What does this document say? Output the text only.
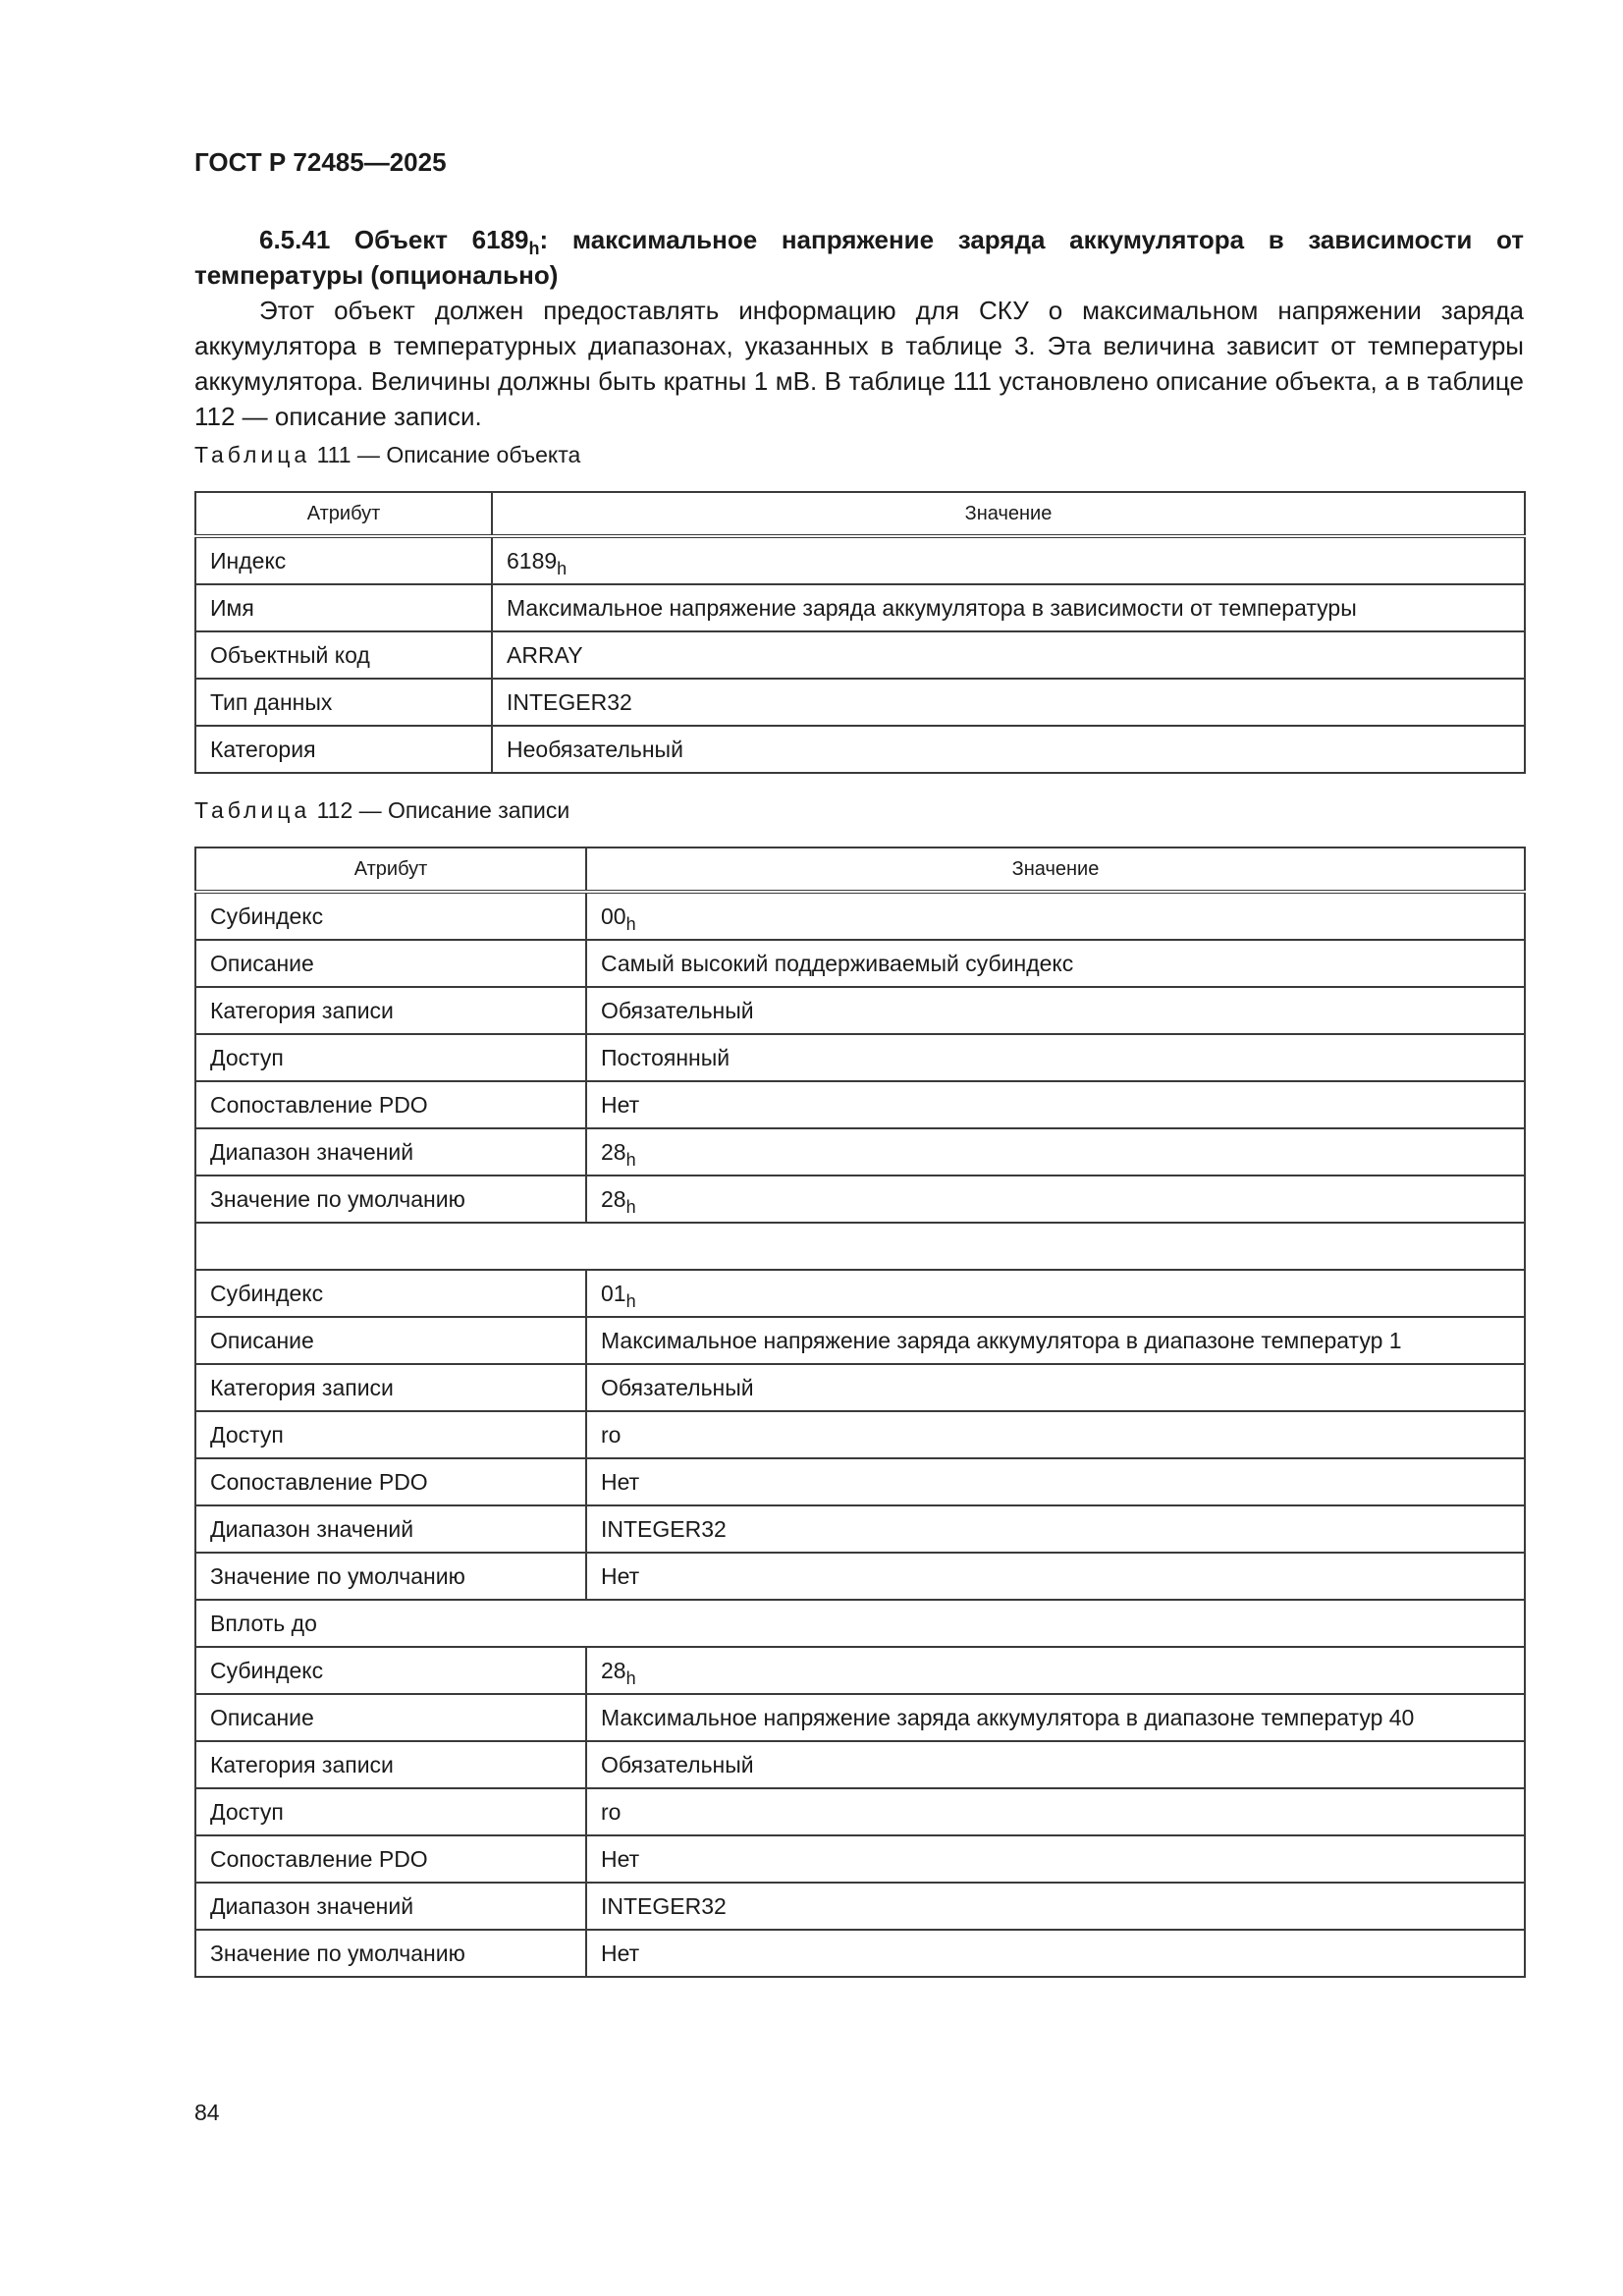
ГОСТ Р 72485—2025
6.5.41 Объект $6189_h$: максимальное напряжение заряда аккумулятора в зависимости от температуры (опционально)
Этот объект должен предоставлять информацию для СКУ о максимальном напряжении заряда аккумулятора в температурных диапазонах, указанных в таблице 3. Эта величина зависит от температуры аккумулятора. Величины должны быть кратны 1 мВ. В таблице 111 установлено описание объекта, а в таблице 112 — описание записи.
Таблица 111 — Описание объекта
Атрибут	Значение
Индекс	$6189_h$
Имя	Максимальное напряжение заряда аккумулятора в зависимости от температуры
Объектный код	ARRAY
Тип данных	INTEGER32
Категория	Необязательный
Таблица 112 — Описание записи
Атрибут	Значение
Субиндекс	$00_h$
Описание	Самый высокий поддерживаемый субиндекс
Категория записи	Обязательный
Доступ	Постоянный
Сопоставление PDO	Нет
Диапазон значений	$28_h$
Значение по умолчанию	$28_h$

Субиндекс	$01_h$
Описание	Максимальное напряжение заряда аккумулятора в диапазоне температур 1
Категория записи	Обязательный
Доступ	ro
Сопоставление PDO	Нет
Диапазон значений	INTEGER32
Значение по умолчанию	Нет
Вплоть до	
Субиндекс	$28_h$
Описание	Максимальное напряжение заряда аккумулятора в диапазоне температур 40
Категория записи	Обязательный
Доступ	ro
Сопоставление PDO	Нет
Диапазон значений	INTEGER32
Значение по умолчанию	Нет
84
